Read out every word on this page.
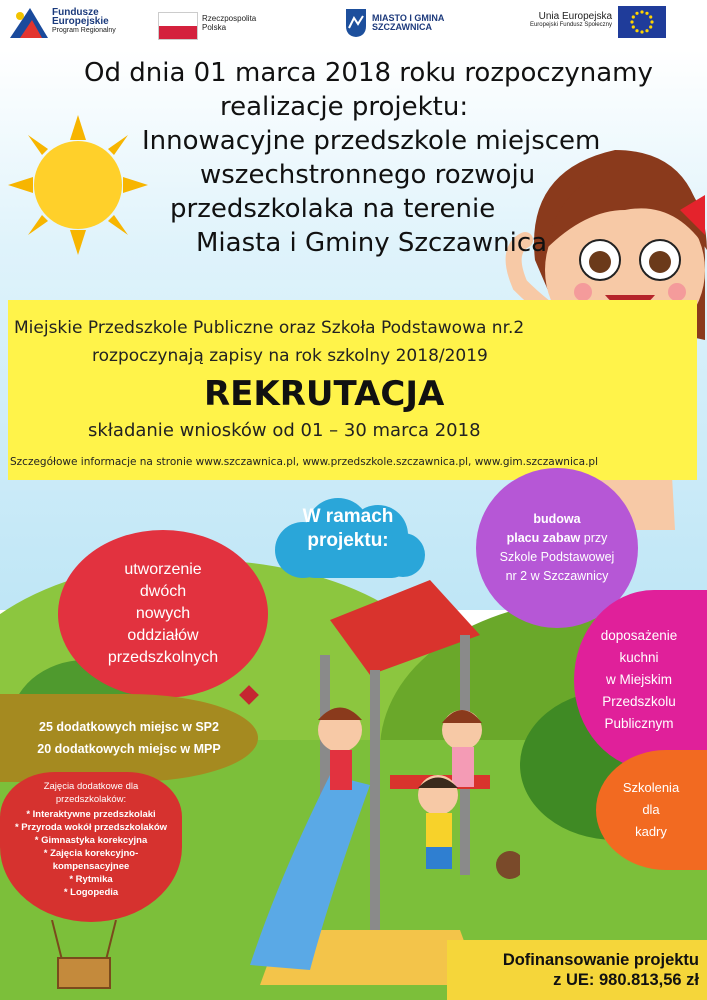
Fundusze
Europejskie
Program Regionalny
Rzeczpospolita
Polska
MIASTO I GMINA
SZCZAWNICA
Unia Europejska
Europejski Fundusz Społeczny
Od dnia 01 marca 2018 roku rozpoczynamy
realizacje projektu:
Innowacyjne przedszkole miejscem
wszechstronnego rozwoju
przedszkolaka na terenie
Miasta i Gminy Szczawnica
Miejskie Przedszkole Publiczne oraz Szkoła Podstawowa nr.2
rozpoczynają zapisy na rok szkolny 2018/2019
REKRUTACJA
składanie wniosków od 01 – 30 marca 2018
Szczegółowe informacje na stronie www.szczawnica.pl, www.przedszkole.szczawnica.pl, www.gim.szczawnica.pl
W ramach
projektu:
utworzenie
dwóch
nowych
oddziałów
przedszkolnych
budowa
placu zabaw przy
Szkole Podstawowej
nr 2 w Szczawnicy
doposażenie
kuchni
w Miejskim
Przedszkolu
Publicznym
25 dodatkowych miejsc w SP2
20 dodatkowych miejsc w MPP
Szkolenia
dla
kadry
Zajęcia dodatkowe dla
przedszkolaków:
* Interaktywne przedszkolaki
* Przyroda wokół przedszkolaków
* Gimnastyka korekcyjna
* Zajęcia korekcyjno-
kompensacyjnee
* Rytmika
* Logopedia
Dofinansowanie projektu
z UE: 980.813,56 zł
